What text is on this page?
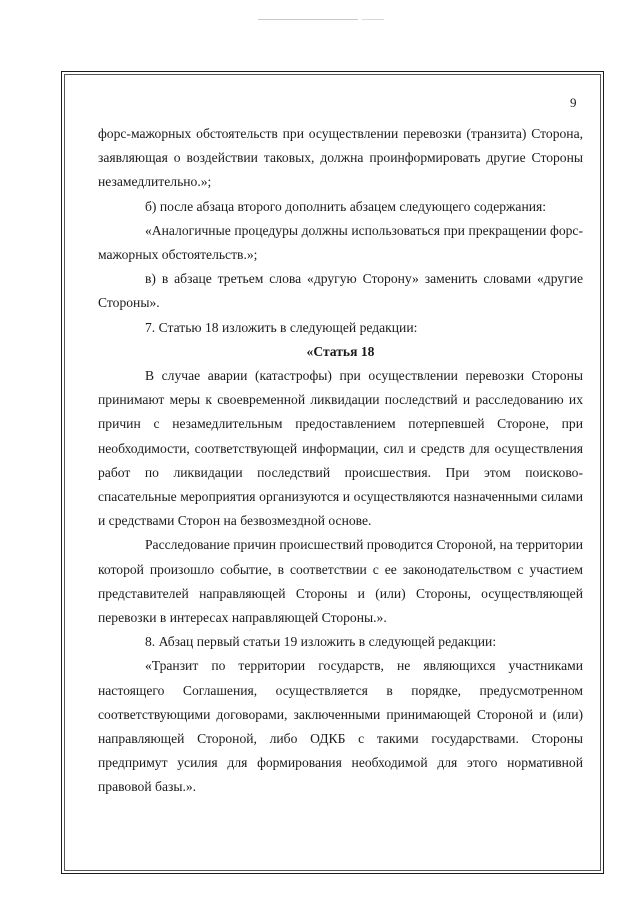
9

форс-мажорных обстоятельств при осуществлении перевозки (транзита) Сторона, заявляющая о воздействии таковых, должна проинформировать другие Стороны незамедлительно.»;

б) после абзаца второго дополнить абзацем следующего содержания:

«Аналогичные процедуры должны использоваться при прекращении форс-мажорных обстоятельств.»;

в) в абзаце третьем слова «другую Сторону» заменить словами «другие Стороны».

7. Статью 18 изложить в следующей редакции:

«Статья 18

В случае аварии (катастрофы) при осуществлении перевозки Стороны принимают меры к своевременной ликвидации последствий и расследованию их причин с незамедлительным предоставлением потерпевшей Стороне, при необходимости, соответствующей информации, сил и средств для осуществления работ по ликвидации последствий происшествия. При этом поисково-спасательные мероприятия организуются и осуществляются назначенными силами и средствами Сторон на безвозмездной основе.

Расследование причин происшествий проводится Стороной, на территории которой произошло событие, в соответствии с ее законодательством с участием представителей направляющей Стороны и (или) Стороны, осуществляющей перевозки в интересах направляющей Стороны.».

8. Абзац первый статьи 19 изложить в следующей редакции:

«Транзит по территории государств, не являющихся участниками настоящего Соглашения, осуществляется в порядке, предусмотренном соответствующими договорами, заключенными принимающей Стороной и (или) направляющей Стороной, либо ОДКБ с такими государствами. Стороны предпримут усилия для формирования необходимой для этого нормативной правовой базы.».
